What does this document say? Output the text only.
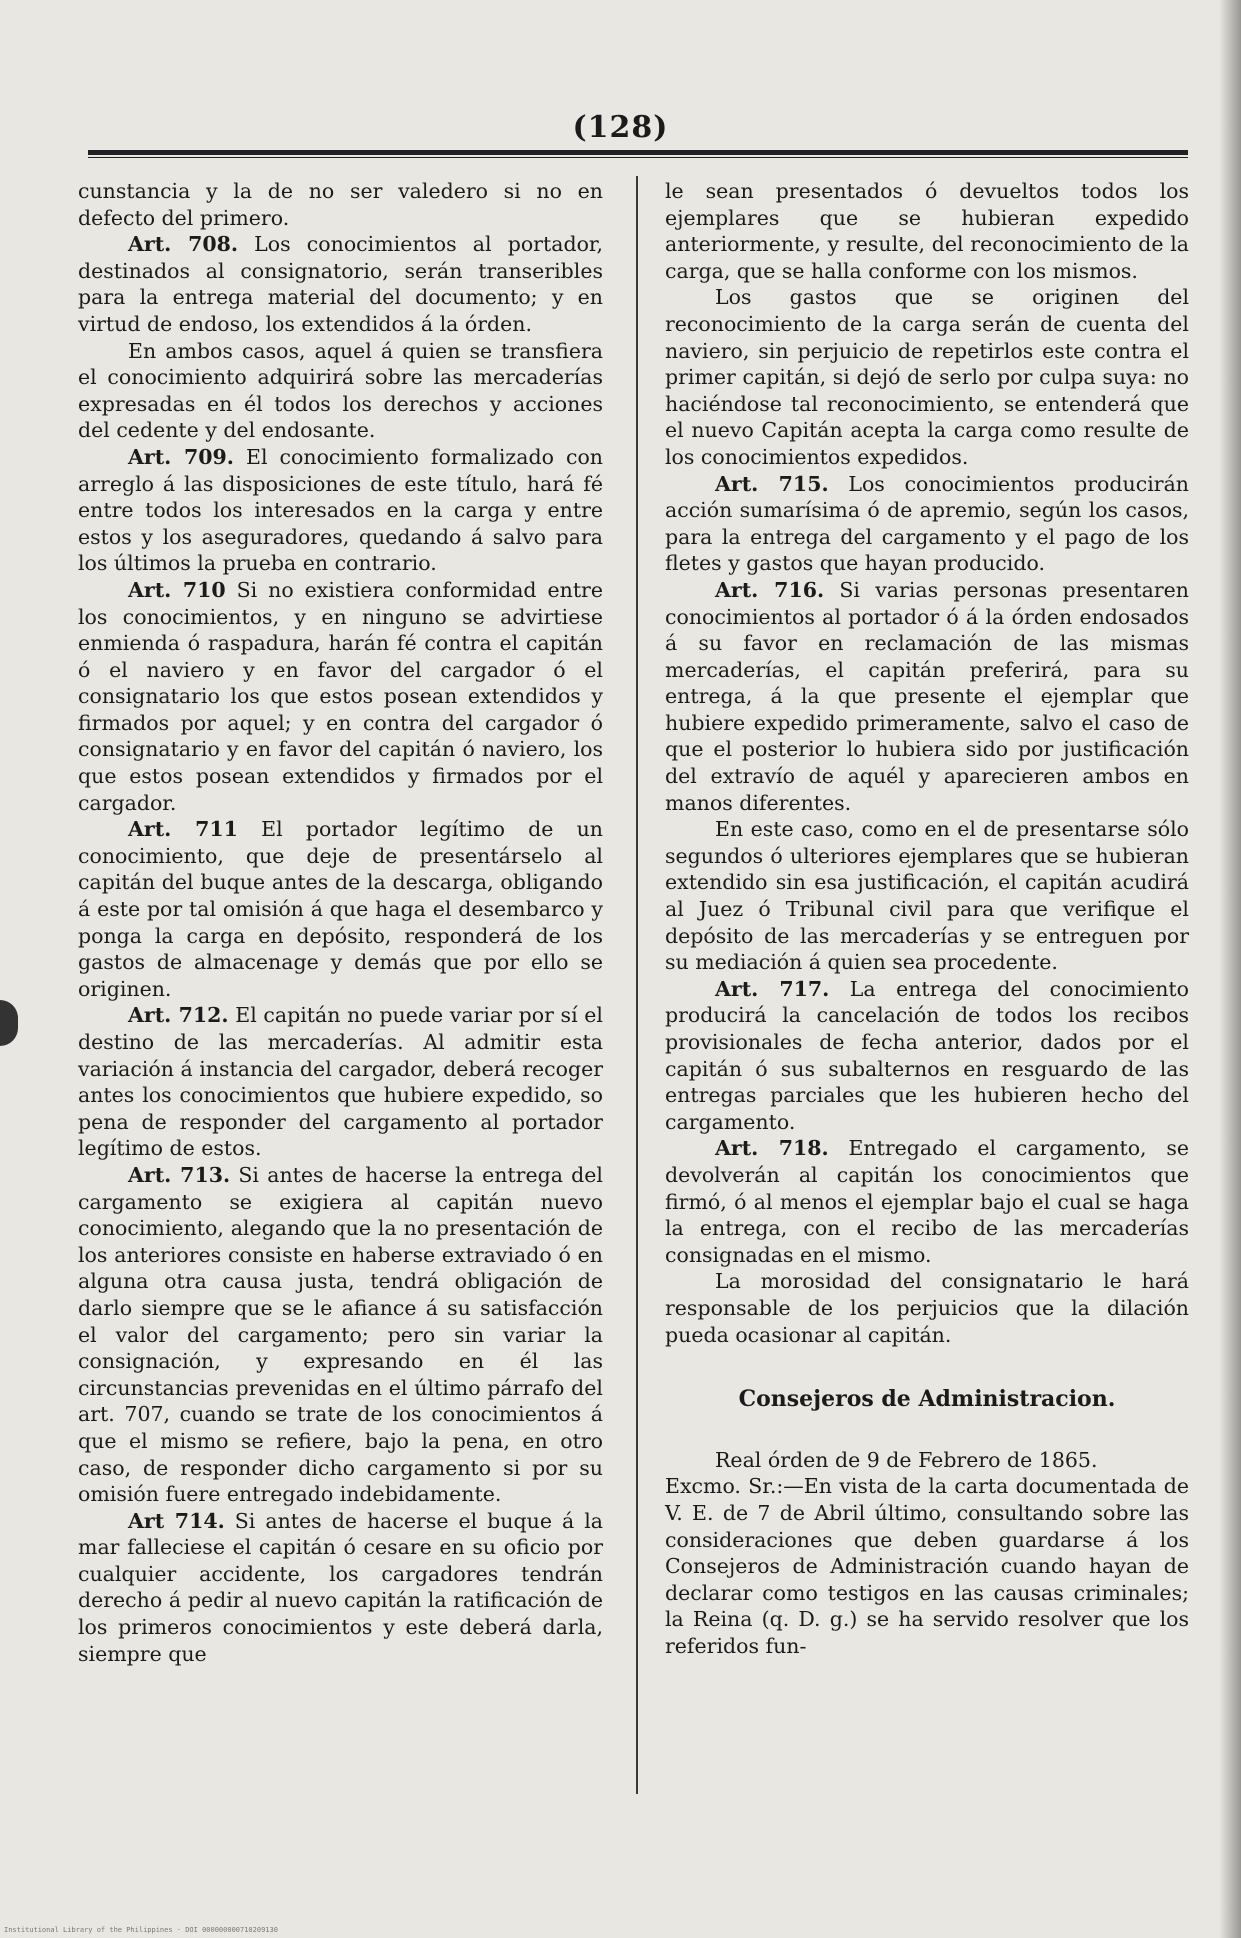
(128)

cunstancia y la de no ser valedero si no en defecto del primero.

Art. 708. Los conocimientos al portador, destinados al consignatorio, serán transeribles para la entrega material del documento; y en virtud de endoso, los extendidos á la órden.

En ambos casos, aquel á quien se transfiera el conocimiento adquirirá sobre las mercaderías expresadas en él todos los derechos y acciones del cedente y del endosante.

Art. 709. El conocimiento formalizado con arreglo á las disposiciones de este título, hará fé entre todos los interesados en la carga y entre estos y los aseguradores, quedando á salvo para los últimos la prueba en contrario.

Art. 710 Si no existiera conformidad entre los conocimientos, y en ninguno se advirtiese enmienda ó raspadura, harán fé contra el capitán ó el naviero y en favor del cargador ó el consignatario los que estos posean extendidos y firmados por aquel; y en contra del cargador ó consignatario y en favor del capitán ó naviero, los que estos posean extendidos y firmados por el cargador.

Art. 711 El portador legítimo de un conocimiento, que deje de presentárselo al capitán del buque antes de la descarga, obligando á este por tal omisión á que haga el desembarco y ponga la carga en depósito, responderá de los gastos de almacenage y demás que por ello se originen.

Art. 712. El capitán no puede variar por sí el destino de las mercaderías. Al admitir esta variación á instancia del cargador, deberá recoger antes los conocimientos que hubiere expedido, so pena de responder del cargamento al portador legítimo de estos.

Art. 713. Si antes de hacerse la entrega del cargamento se exigiera al capitán nuevo conocimiento, alegando que la no presentación de los anteriores consiste en haberse extraviado ó en alguna otra causa justa, tendrá obligación de darlo siempre que se le afiance á su satisfacción el valor del cargamento; pero sin variar la consignación, y expresando en él las circunstancias prevenidas en el último párrafo del art. 707, cuando se trate de los conocimientos á que el mismo se refiere, bajo la pena, en otro caso, de responder dicho cargamento si por su omisión fuere entregado indebidamente.

Art 714. Si antes de hacerse el buque á la mar falleciese el capitán ó cesare en su oficio por cualquier accidente, los cargadores tendrán derecho á pedir al nuevo capitán la ratificación de los primeros conocimientos y este deberá darla, siempre que

le sean presentados ó devueltos todos los ejemplares que se hubieran expedido anteriormente, y resulte, del reconocimiento de la carga, que se halla conforme con los mismos.

Los gastos que se originen del reconocimiento de la carga serán de cuenta del naviero, sin perjuicio de repetirlos este contra el primer capitán, si dejó de serlo por culpa suya: no haciéndose tal reconocimiento, se entenderá que el nuevo Capitán acepta la carga como resulte de los conocimientos expedidos.

Art. 715. Los conocimientos producirán acción sumarísima ó de apremio, según los casos, para la entrega del cargamento y el pago de los fletes y gastos que hayan producido.

Art. 716. Si varias personas presentaren conocimientos al portador ó á la órden endosados á su favor en reclamación de las mismas mercaderías, el capitán preferirá, para su entrega, á la que presente el ejemplar que hubiere expedido primeramente, salvo el caso de que el posterior lo hubiera sido por justificación del extravío de aquél y aparecieren ambos en manos diferentes.

En este caso, como en el de presentarse sólo segundos ó ulteriores ejemplares que se hubieran extendido sin esa justificación, el capitán acudirá al Juez ó Tribunal civil para que verifique el depósito de las mercaderías y se entreguen por su mediación á quien sea procedente.

Art. 717. La entrega del conocimiento producirá la cancelación de todos los recibos provisionales de fecha anterior, dados por el capitán ó sus subalternos en resguardo de las entregas parciales que les hubieren hecho del cargamento.

Art. 718. Entregado el cargamento, se devolverán al capitán los conocimientos que firmó, ó al menos el ejemplar bajo el cual se haga la entrega, con el recibo de las mercaderías consignadas en el mismo.

La morosidad del consignatario le hará responsable de los perjuicios que la dilación pueda ocasionar al capitán.

Consejeros de Administracion.

Real órden de 9 de Febrero de 1865.

Excmo. Sr.:—En vista de la carta documentada de V. E. de 7 de Abril último, consultando sobre las consideraciones que deben guardarse á los Consejeros de Administración cuando hayan de declarar como testigos en las causas criminales; la Reina (q. D. g.) se ha servido resolver que los referidos fun-

Institutional Library of the Philippines · DOI 000000000710209130
